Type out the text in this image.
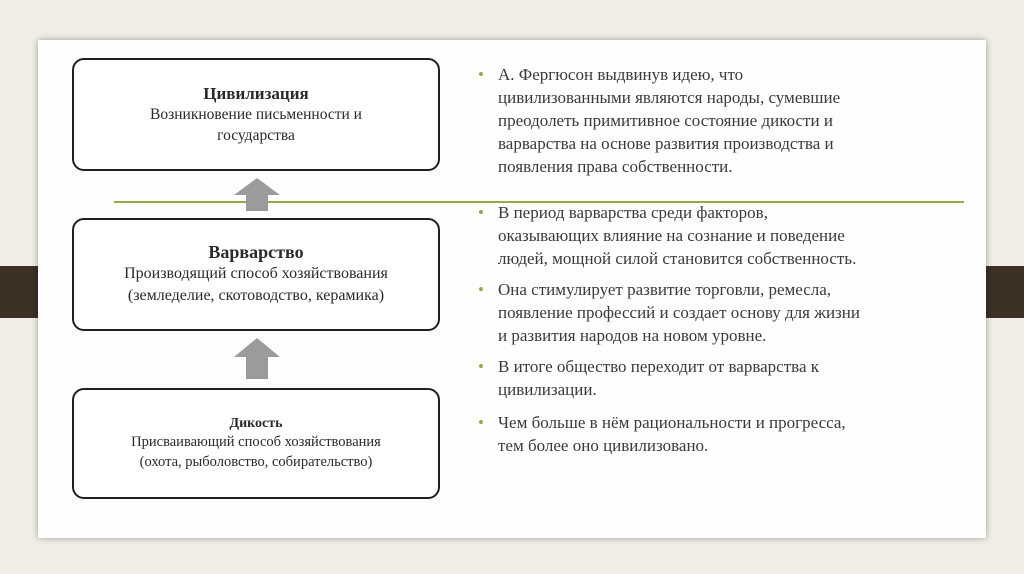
Цивилизация
Возникновение письменности и
государства
Варварство
Производящий способ хозяйствования
(земледелие, скотоводство, керамика)
Дикость
Присваивающий способ хозяйствования
(охота, рыболовство, собирательство)
• А. Фергюсон выдвинув идею, что
цивилизованными являются народы, сумевшие
преодолеть примитивное состояние дикости и
варварства на основе развития производства и
появления права собственности.
• В период варварства среди факторов,
оказывающих влияние на сознание и поведение
людей, мощной силой становится собственность.
• Она стимулирует развитие торговли, ремесла,
появление профессий и создает основу для жизни
и развития народов на новом уровне.
• В итоге общество переходит от варварства к
цивилизации.
• Чем больше в нём рациональности и прогресса,
тем более оно цивилизовано.
